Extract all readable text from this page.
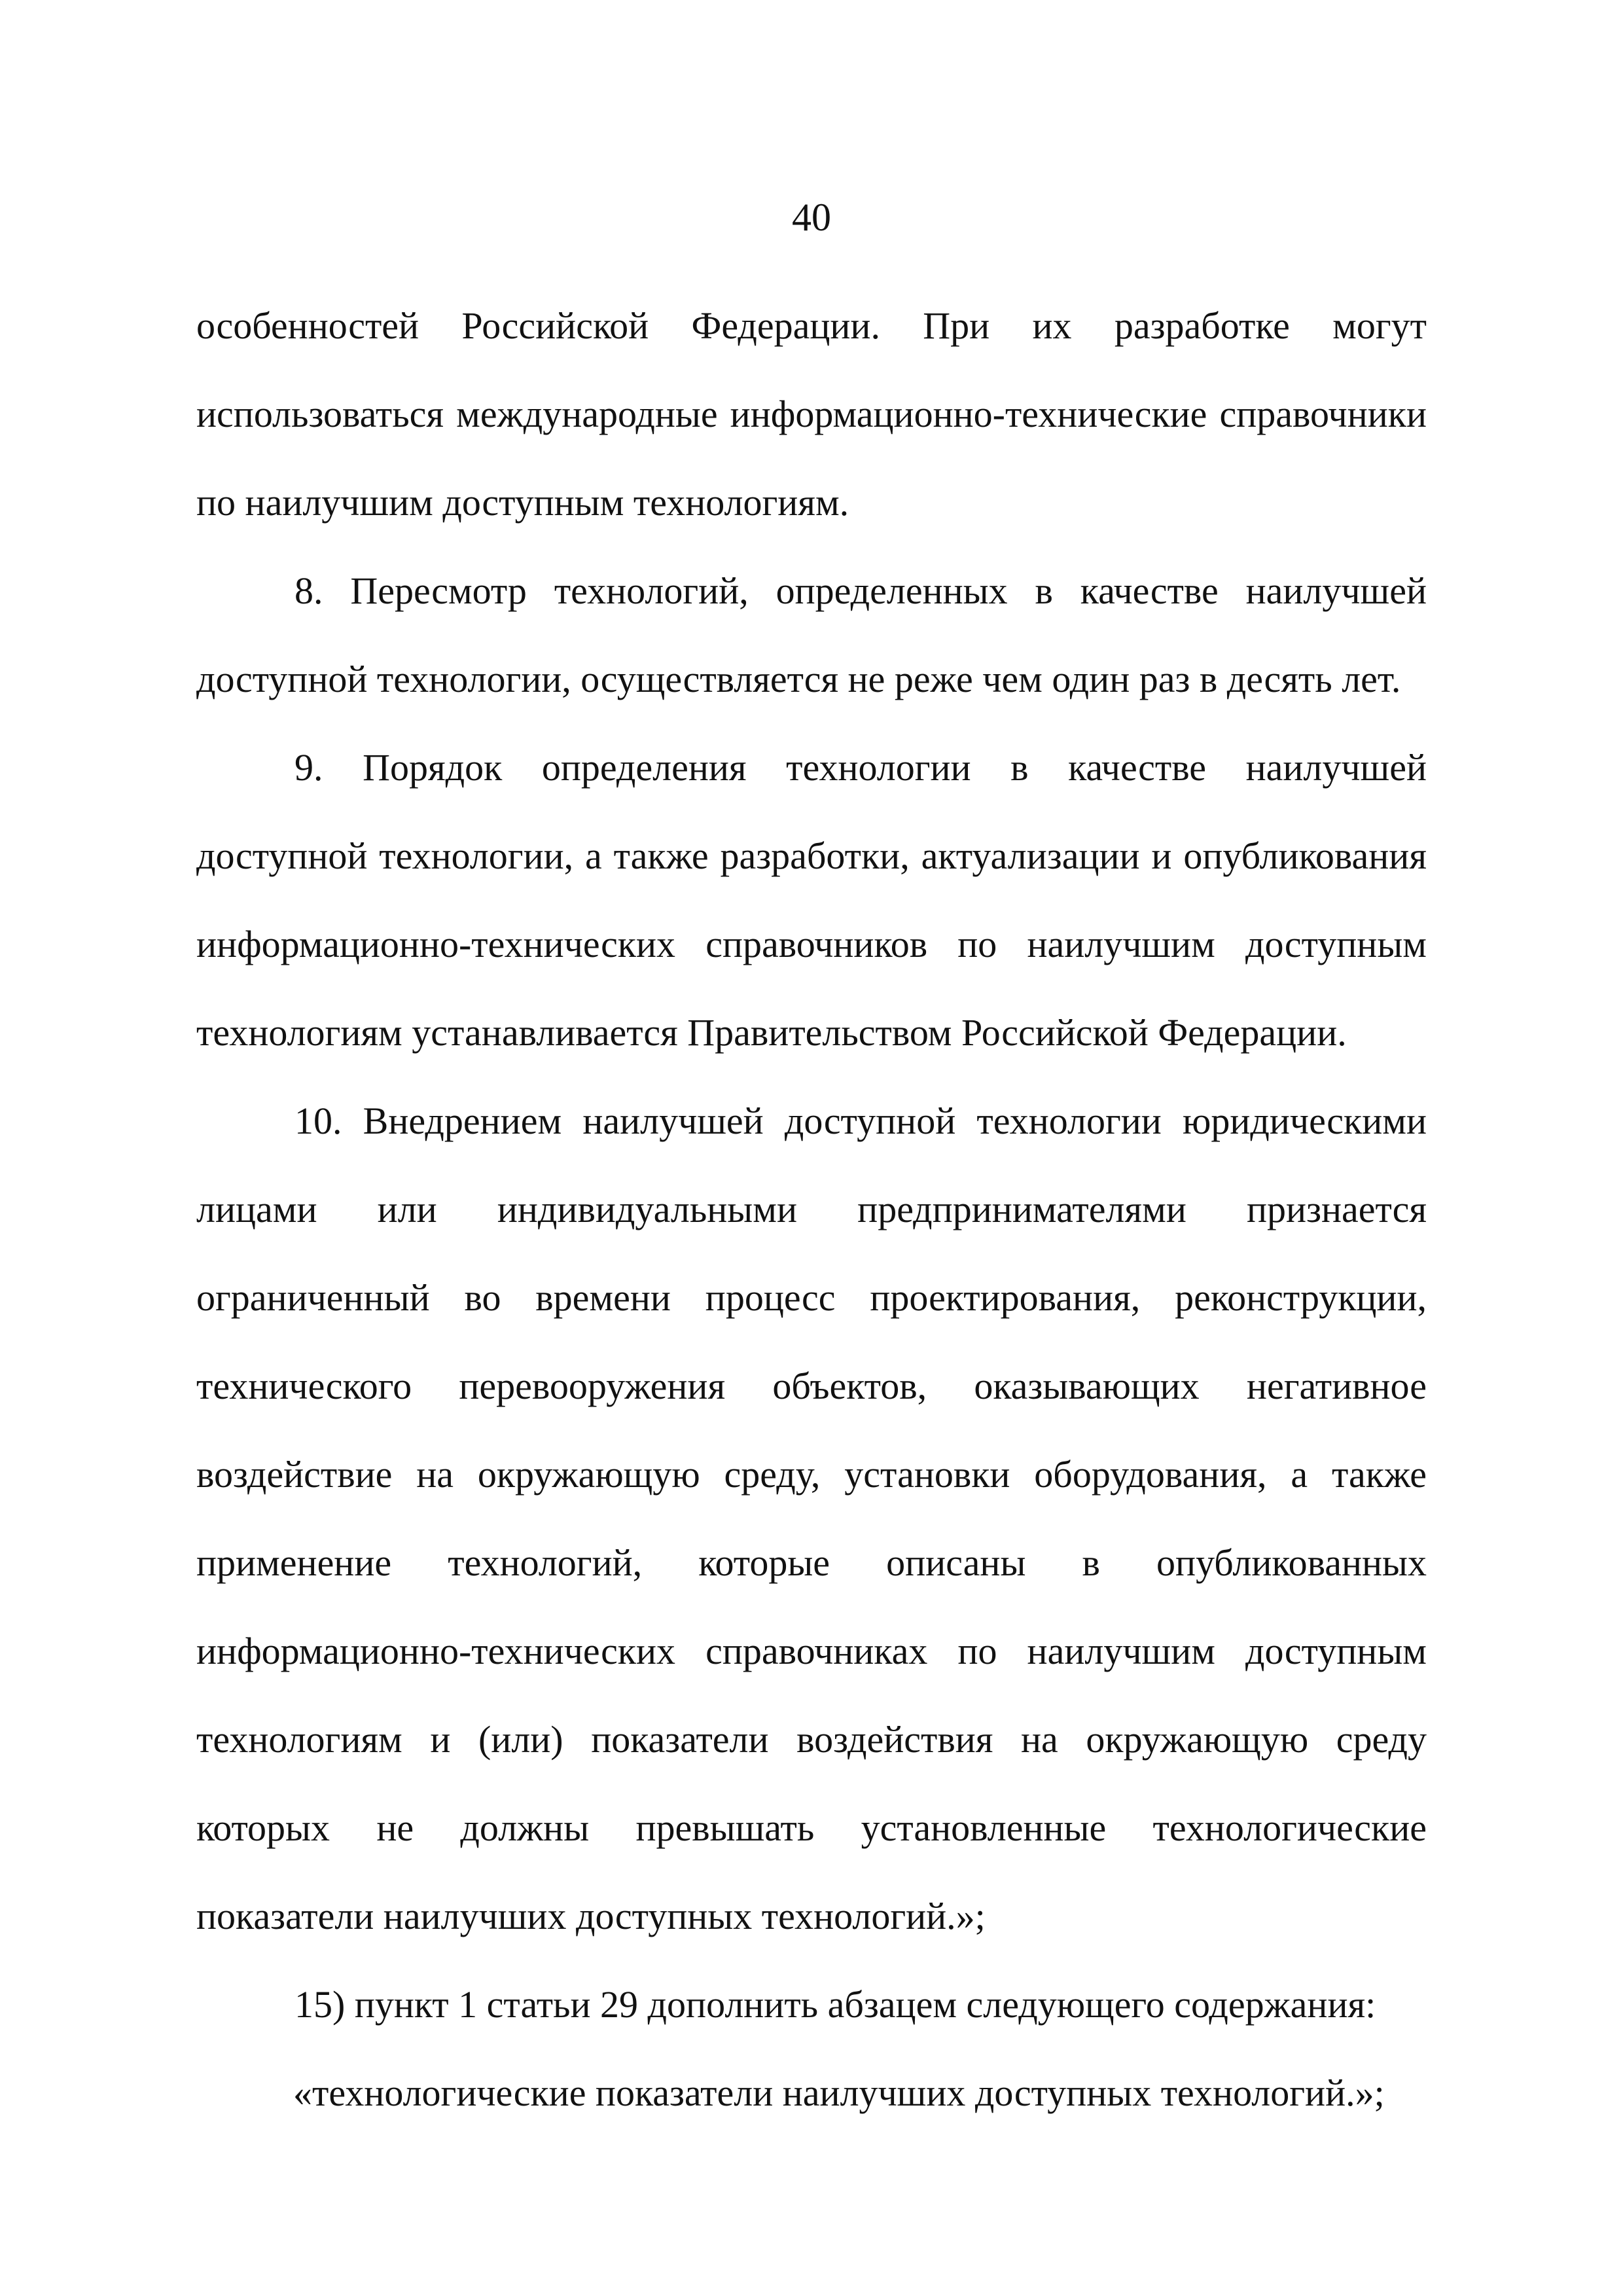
40
особенностей Российской Федерации. При их разработке могут
использоваться международные информационно-технические справочники
по наилучшим доступным технологиям.
8. Пересмотр технологий, определенных в качестве наилучшей
доступной технологии, осуществляется не реже чем один раз в десять лет.
9. Порядок определения технологии в качестве наилучшей
доступной технологии, а также разработки, актуализации и опубликования
информационно-технических справочников по наилучшим доступным
технологиям устанавливается Правительством Российской Федерации.
10. Внедрением наилучшей доступной технологии юридическими
лицами или индивидуальными предпринимателями признается
ограниченный во времени процесс проектирования, реконструкции,
технического перевооружения объектов, оказывающих негативное
воздействие на окружающую среду, установки оборудования, а также
применение технологий, которые описаны в опубликованных
информационно-технических справочниках по наилучшим доступным
технологиям и (или) показатели воздействия на окружающую среду
которых не должны превышать установленные технологические
показатели наилучших доступных технологий.»;
15) пункт 1 статьи 29 дополнить абзацем следующего содержания:
«технологические показатели наилучших доступных технологий.»;
